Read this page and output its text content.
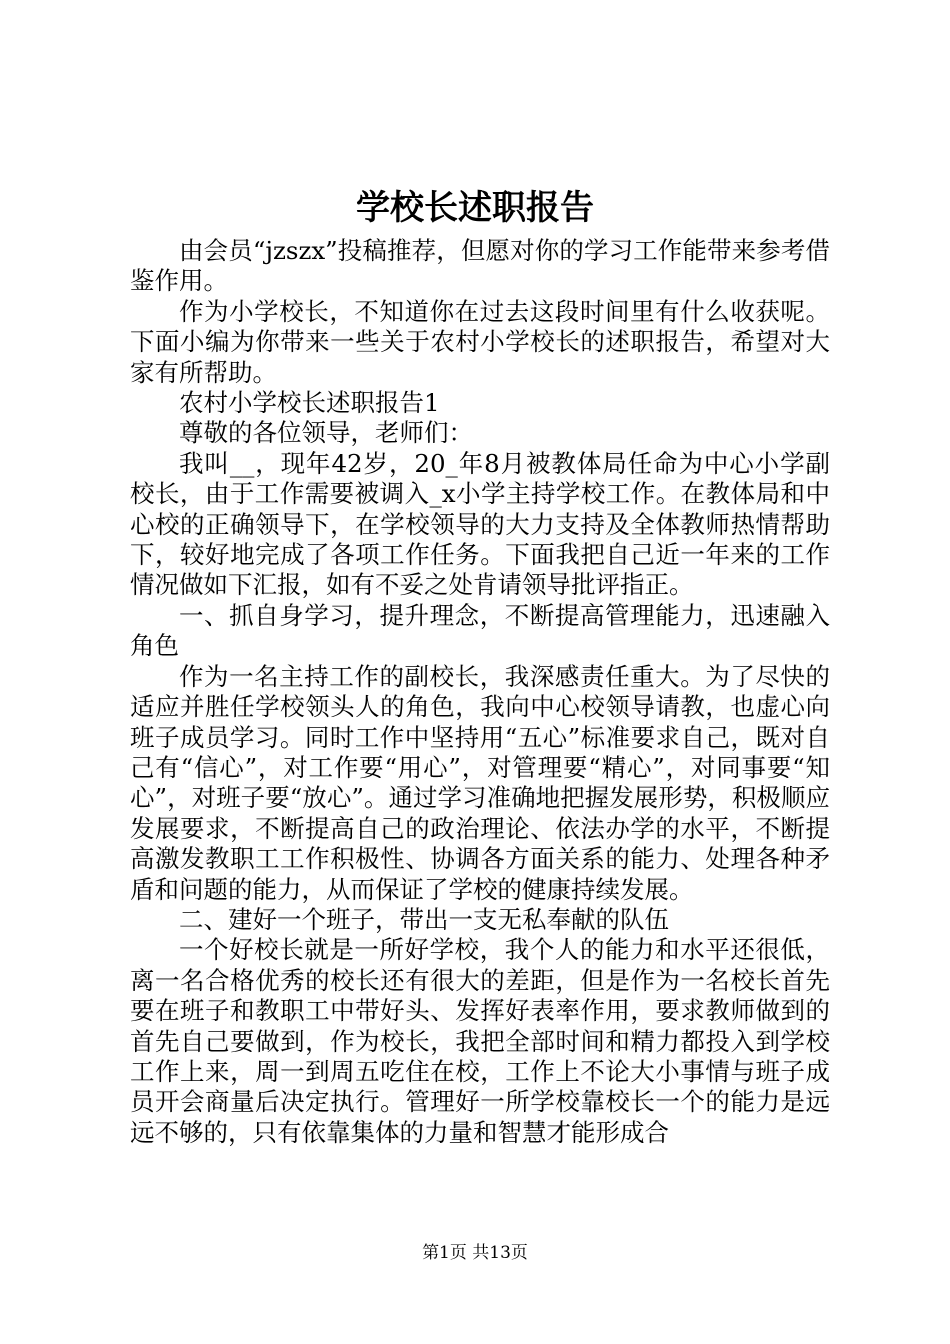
学校长述职报告

由会员“jzszx”投稿推荐，但愿对你的学习工作能带来参考借鉴作用。

作为小学校长，不知道你在过去这段时间里有什么收获呢。下面小编为你带来一些关于农村小学校长的述职报告，希望对大家有所帮助。

农村小学校长述职报告1

尊敬的各位领导，老师们：

我叫__，现年42岁，20_年8月被教体局任命为中心小学副校长，由于工作需要被调入_x小学主持学校工作。在教体局和中心校的正确领导下，在学校领导的大力支持及全体教师热情帮助下，较好地完成了各项工作任务。下面我把自己近一年来的工作情况做如下汇报，如有不妥之处肯请领导批评指正。

一、抓自身学习，提升理念，不断提高管理能力，迅速融入角色

作为一名主持工作的副校长，我深感责任重大。为了尽快的适应并胜任学校领头人的角色，我向中心校领导请教，也虚心向班子成员学习。同时工作中坚持用“五心”标准要求自己，既对自己有“信心”，对工作要“用心”，对管理要“精心”，对同事要“知心”，对班子要“放心”。通过学习准确地把握发展形势，积极顺应发展要求，不断提高自己的政治理论、依法办学的水平，不断提高激发教职工工作积极性、协调各方面关系的能力、处理各种矛盾和问题的能力，从而保证了学校的健康持续发展。

二、建好一个班子，带出一支无私奉献的队伍

一个好校长就是一所好学校，我个人的能力和水平还很低，离一名合格优秀的校长还有很大的差距，但是作为一名校长首先要在班子和教职工中带好头、发挥好表率作用，要求教师做到的首先自己要做到，作为校长，我把全部时间和精力都投入到学校工作上来，周一到周五吃住在校，工作上不论大小事情与班子成员开会商量后决定执行。管理好一所学校靠校长一个的能力是远远不够的，只有依靠集体的力量和智慧才能形成合

第1页 共13页
